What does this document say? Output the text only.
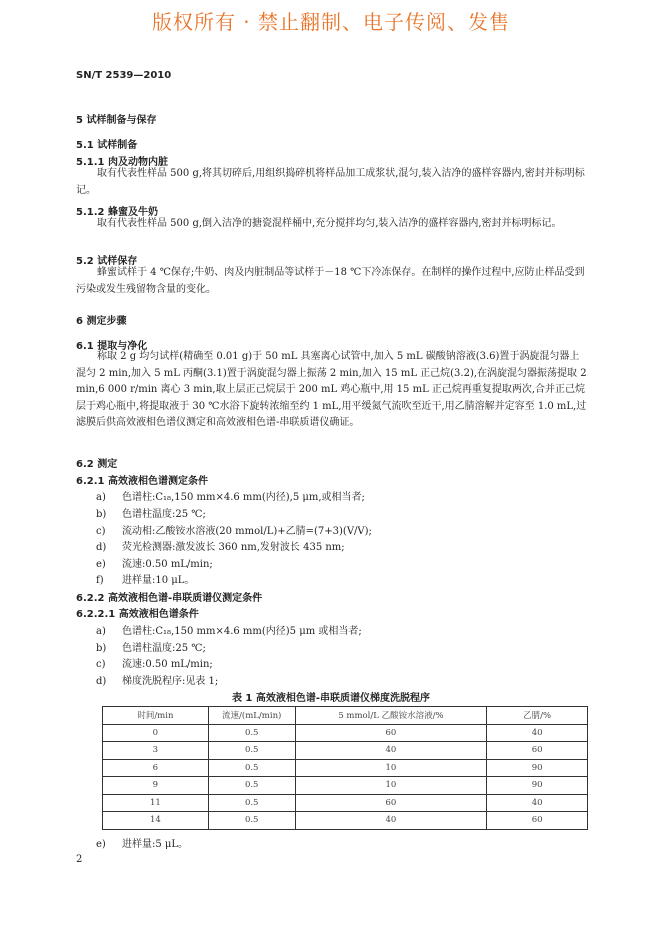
版权所有 · 禁止翻制、电子传阅、发售
SN/T 2539—2010
5 试样制备与保存
5.1 试样制备
5.1.1 肉及动物内脏
取有代表性样品 500 g,将其切碎后,用组织捣碎机将样品加工成浆状,混匀,装入洁净的盛样容器内,密封并标明标记。
5.1.2 蜂蜜及牛奶
取有代表性样品 500 g,倒入洁净的搪瓷混样桶中,充分搅拌均匀,装入洁净的盛样容器内,密封并标明标记。
5.2 试样保存
蜂蜜试样于 4 ℃保存;牛奶、肉及内脏制品等试样于－18 ℃下冷冻保存。在制样的操作过程中,应防止样品受到污染或发生残留物含量的变化。
6 测定步骤
6.1 提取与净化
称取 2 g 均匀试样(精确至 0.01 g)于 50 mL 具塞离心试管中,加入 5 mL 碳酸钠溶液(3.6)置于涡旋混匀器上混匀 2 min,加入 5 mL 丙酮(3.1)置于涡旋混匀器上振荡 2 min,加入 15 mL 正己烷(3.2),在涡旋混匀器振荡提取 2 min,6 000 r/min 离心 3 min,取上层正己烷层于 200 mL 鸡心瓶中,用 15 mL 正己烷再重复提取两次,合并正己烷层于鸡心瓶中,将提取液于 30 ℃水浴下旋转浓缩至约 1 mL,用平缓氮气流吹至近干,用乙腈溶解并定容至 1.0 mL,过滤膜后供高效液相色谱仪测定和高效液相色谱-串联质谱仪确证。
6.2 测定
6.2.1 高效液相色谱测定条件
a) 色谱柱:C₁₈,150 mm×4.6 mm(内径),5 μm,或相当者;
b) 色谱柱温度:25 ℃;
c) 流动相:乙酸铵水溶液(20 mmol/L)+乙腈=(7+3)(V/V);
d) 荧光检测器:激发波长 360 nm,发射波长 435 nm;
e) 流速:0.50 mL/min;
f) 进样量:10 μL。
6.2.2 高效液相色谱-串联质谱仪测定条件
6.2.2.1 高效液相色谱条件
a) 色谱柱:C₁₈,150 mm×4.6 mm(内径)5 μm 或相当者;
b) 色谱柱温度:25 ℃;
c) 流速:0.50 mL/min;
d) 梯度洗脱程序:见表 1;
表 1 高效液相色谱-串联质谱仪梯度洗脱程序
时间/min	流速/(mL/min)	5 mmol/L 乙酸铵水溶液/%	乙腈/%
0	0.5	60	40
3	0.5	40	60
6	0.5	10	90
9	0.5	10	90
11	0.5	60	40
14	0.5	40	60
e) 进样量:5 μL。
2
